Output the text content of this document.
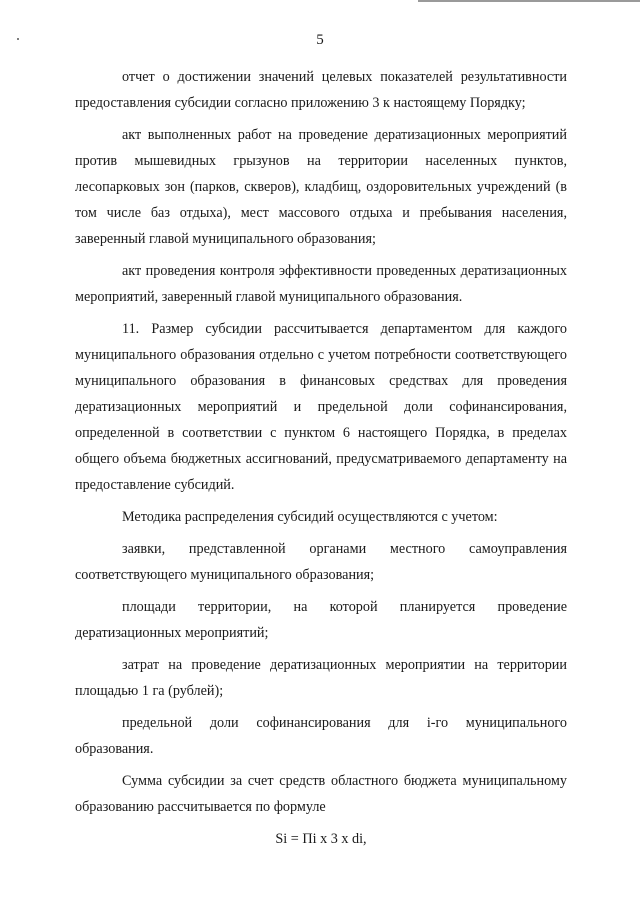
5

отчет о достижении значений целевых показателей результативности предоставления субсидии согласно приложению 3 к настоящему Порядку;

акт выполненных работ на проведение дератизационных мероприятий против мышевидных грызунов на территории населенных пунктов, лесопарковых зон (парков, скверов), кладбищ, оздоровительных учреждений (в том числе баз отдыха), мест массового отдыха и пребывания населения, заверенный главой муниципального образования;

акт проведения контроля эффективности проведенных дератизационных мероприятий, заверенный главой муниципального образования.

11. Размер субсидии рассчитывается департаментом для каждого муниципального образования отдельно с учетом потребности соответствующего муниципального образования в финансовых средствах для проведения дератизационных мероприятий и предельной доли софинансирования, определенной в соответствии с пунктом 6 настоящего Порядка, в пределах общего объема бюджетных ассигнований, предусматриваемого департаменту на предоставление субсидий.

Методика распределения субсидий осуществляются с учетом:

заявки, представленной органами местного самоуправления соответствующего муниципального образования;

площади территории, на которой планируется проведение дератизационных мероприятий;

затрат на проведение дератизационных мероприятии на территории площадью 1 га (рублей);

предельной доли софинансирования для i-го муниципального образования.

Сумма субсидии за счет средств областного бюджета муниципальному образованию рассчитывается по формуле

Si = Пi x 3 x di,
